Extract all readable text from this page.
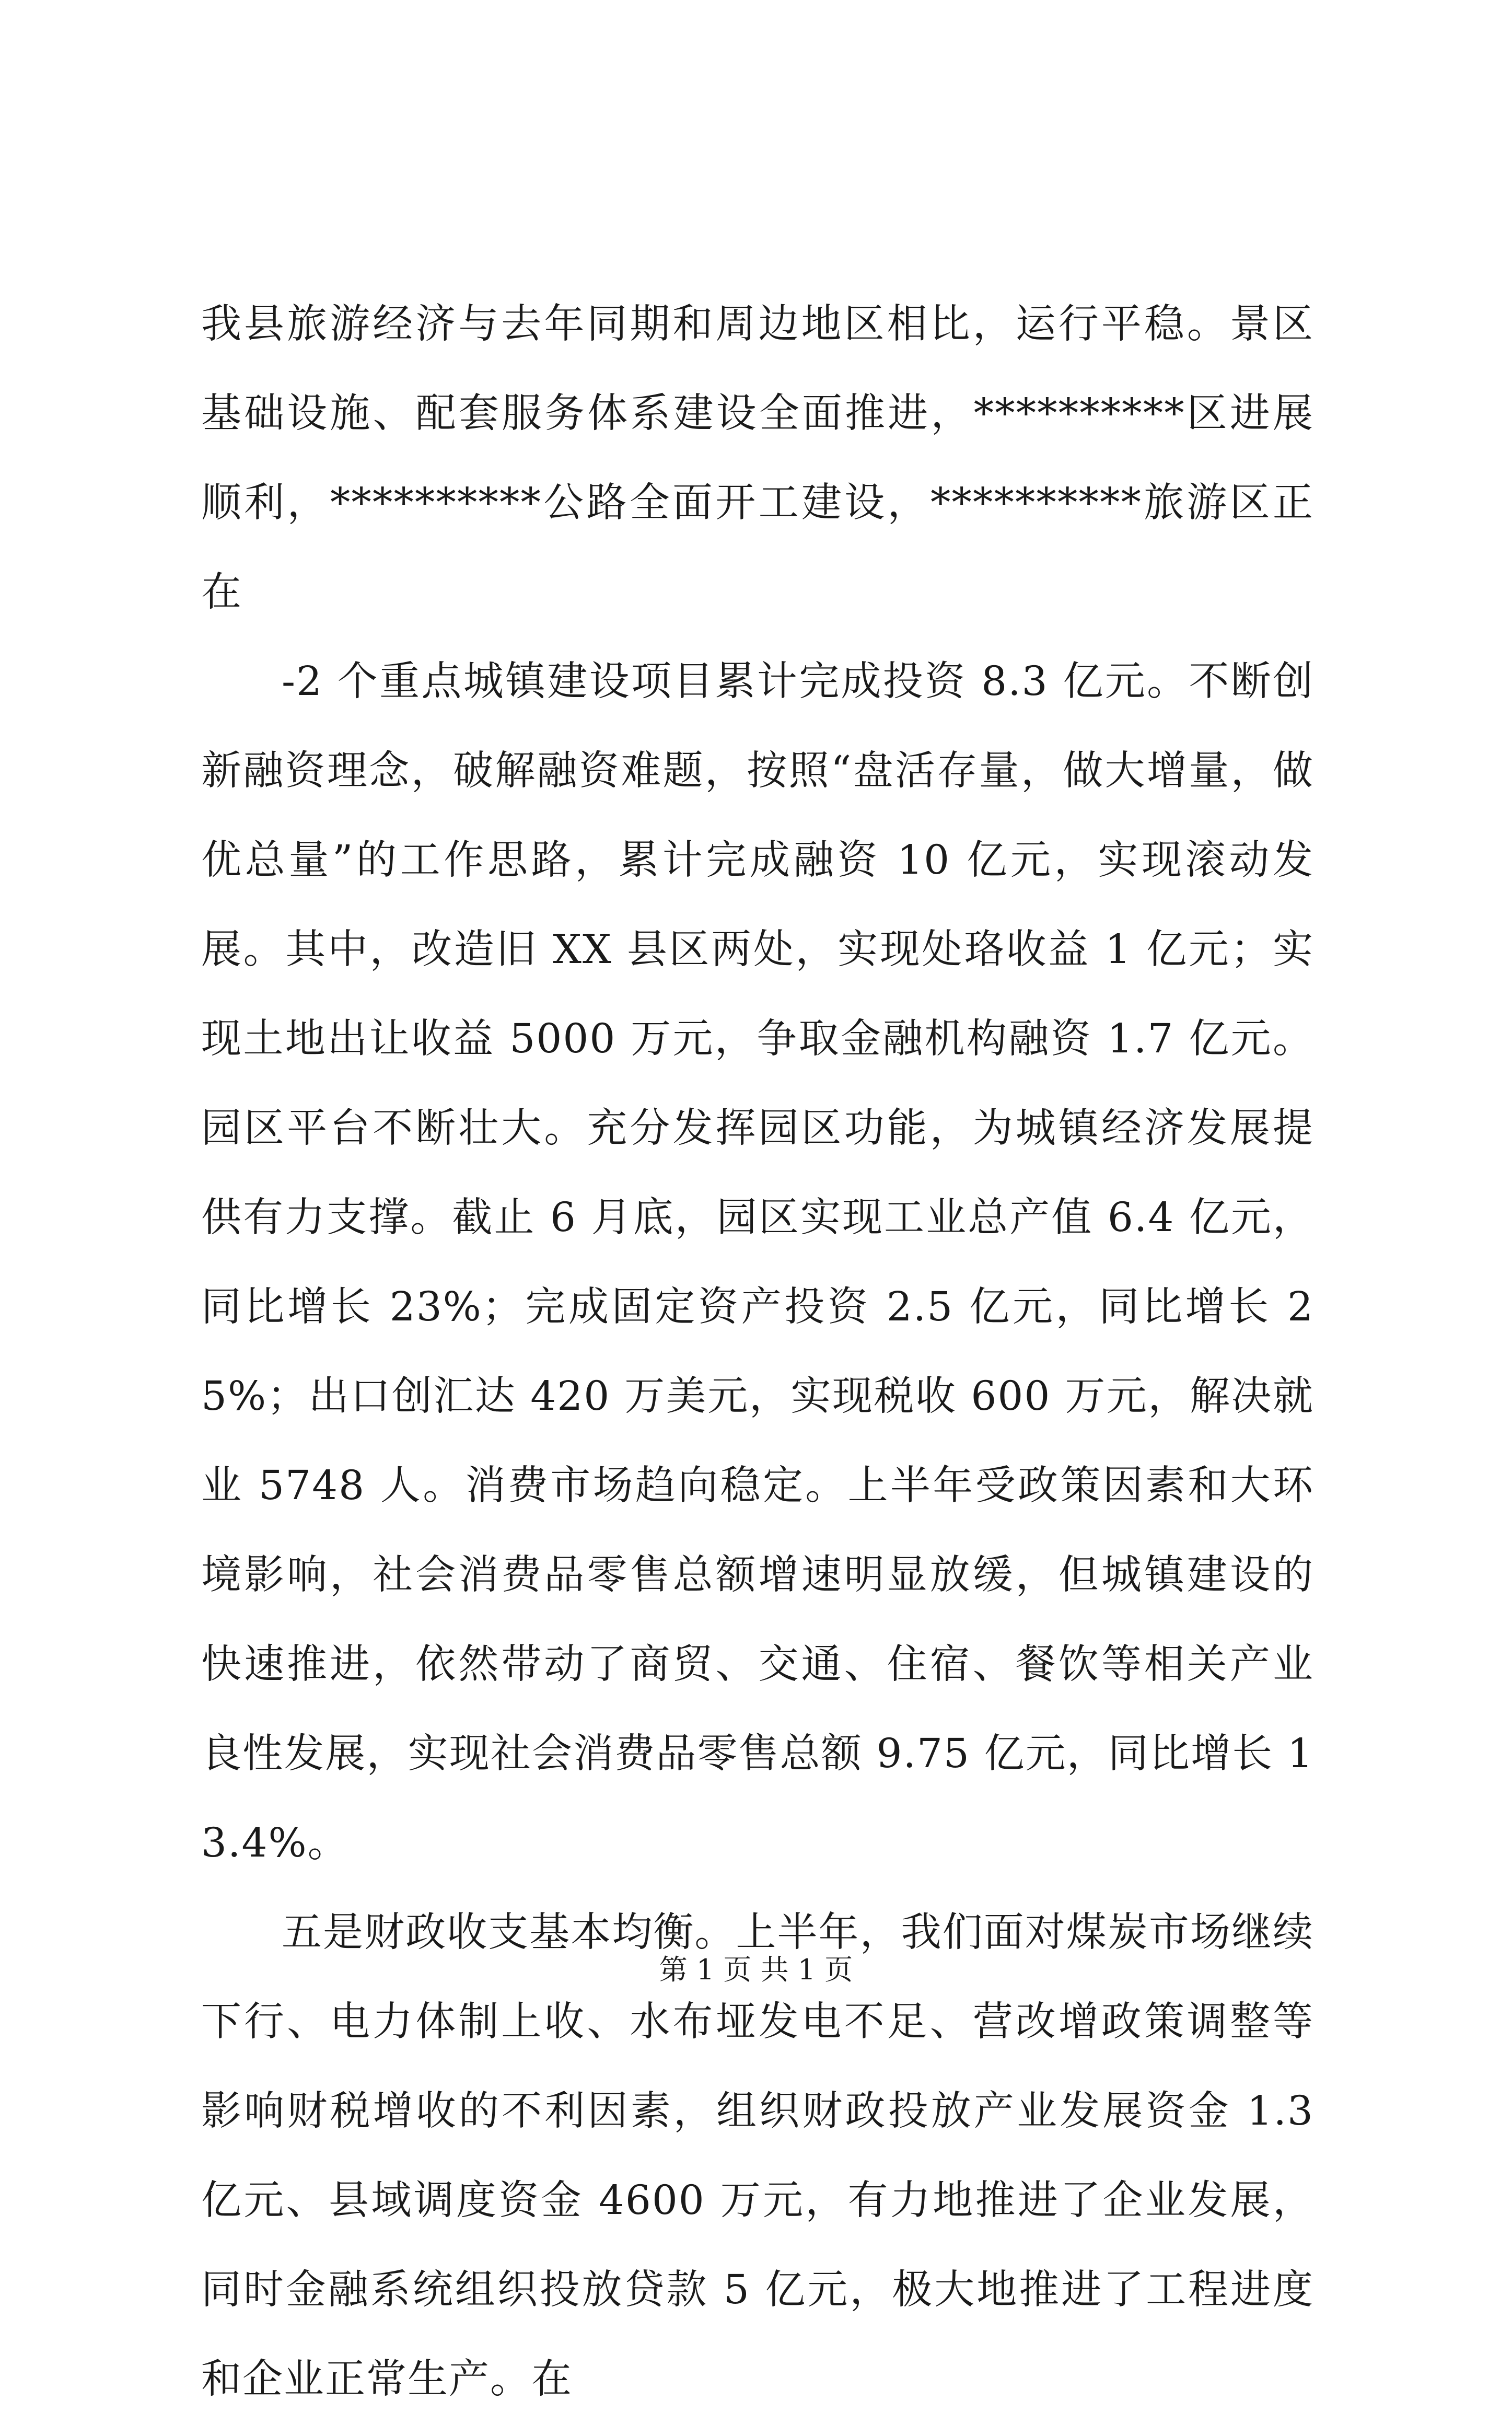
我县旅游经济与去年同期和周边地区相比，运行平稳。景区基础设施、配套服务体系建设全面推进，**********区进展顺利，**********公路全面开工建设，**********旅游区正在

-2 个重点城镇建设项目累计完成投资 8.3 亿元。不断创新融资理念，破解融资难题，按照“盘活存量，做大增量，做优总量”的工作思路，累计完成融资 10 亿元，实现滚动发展。其中，改造旧 XX 县区两处，实现处珞收益 1 亿元；实现土地出让收益 5000 万元，争取金融机构融资 1.7 亿元。园区平台不断壮大。充分发挥园区功能，为城镇经济发展提供有力支撑。截止 6 月底，园区实现工业总产值 6.4 亿元，同比增长 23%；完成固定资产投资 2.5 亿元，同比增长 25%；出口创汇达 420 万美元，实现税收 600 万元，解决就业 5748 人。消费市场趋向稳定。上半年受政策因素和大环境影响，社会消费品零售总额增速明显放缓，但城镇建设的快速推进，依然带动了商贸、交通、住宿、餐饮等相关产业良性发展，实现社会消费品零售总额 9.75 亿元，同比增长 13.4%。

五是财政收支基本均衡。上半年，我们面对煤炭市场继续下行、电力体制上收、水布垭发电不足、营改增政策调整等影响财税增收的不利因素，组织财政投放产业发展资金 1.3 亿元、县域调度资金 4600 万元，有力地推进了企业发展，同时金融系统组织投放贷款 5 亿元，极大地推进了工程进度和企业正常生产。在

第 1 页 共 1 页
